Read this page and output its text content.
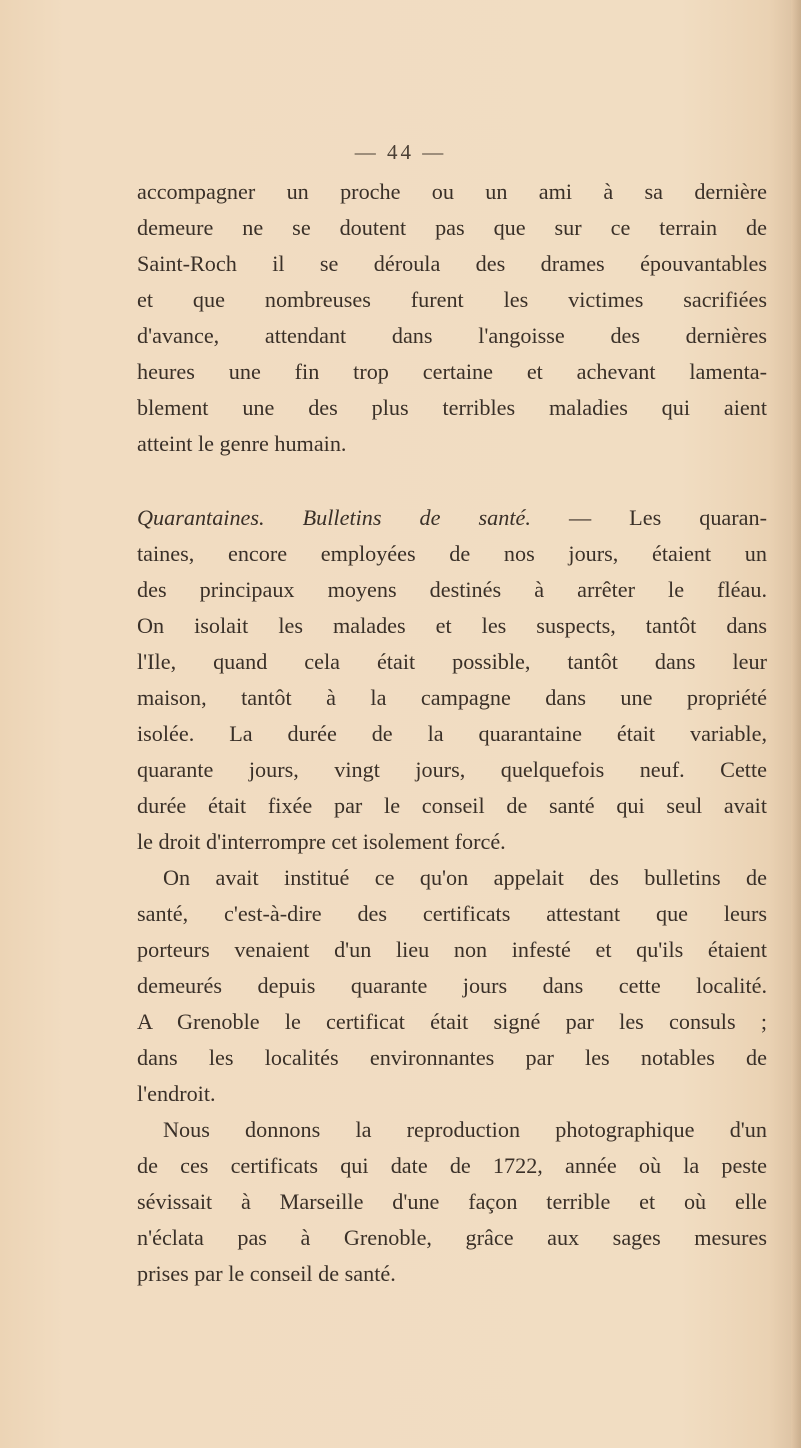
— 44 —
accompagner un proche ou un ami à sa dernière
demeure ne se doutent pas que sur ce terrain de
Saint-Roch il se déroula des drames épouvantables
et que nombreuses furent les victimes sacrifiées
d'avance, attendant dans l'angoisse des dernières
heures une fin trop certaine et achevant lamenta-
blement une des plus terribles maladies qui aient
atteint le genre humain.
Quarantaines. Bulletins de santé. — Les quaran-
taines, encore employées de nos jours, étaient un
des principaux moyens destinés à arrêter le fléau.
On isolait les malades et les suspects, tantôt dans
l'Ile, quand cela était possible, tantôt dans leur
maison, tantôt à la campagne dans une propriété
isolée. La durée de la quarantaine était variable,
quarante jours, vingt jours, quelquefois neuf. Cette
durée était fixée par le conseil de santé qui seul avait
le droit d'interrompre cet isolement forcé.
On avait institué ce qu'on appelait des bulletins de
santé, c'est-à-dire des certificats attestant que leurs
porteurs venaient d'un lieu non infesté et qu'ils étaient
demeurés depuis quarante jours dans cette localité.
A Grenoble le certificat était signé par les consuls ;
dans les localités environnantes par les notables de
l'endroit.
Nous donnons la reproduction photographique d'un
de ces certificats qui date de 1722, année où la peste
sévissait à Marseille d'une façon terrible et où elle
n'éclata pas à Grenoble, grâce aux sages mesures
prises par le conseil de santé.
